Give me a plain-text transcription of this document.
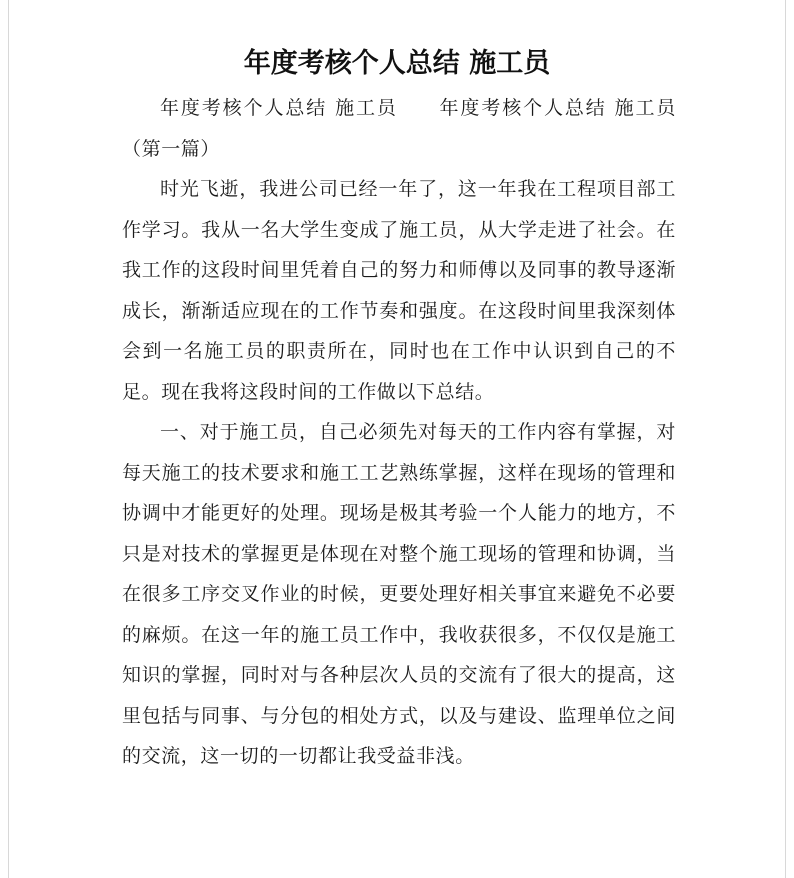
年度考核个人总结 施工员

年度考核个人总结 施工员　　年度考核个人总结 施工员 （第一篇）

时光飞逝，我进公司已经一年了，这一年我在工程项目部工作学习。我从一名大学生变成了施工员，从大学走进了社会。在我工作的这段时间里凭着自己的努力和师傅以及同事的教导逐渐成长，渐渐适应现在的工作节奏和强度。在这段时间里我深刻体会到一名施工员的职责所在，同时也在工作中认识到自己的不足。现在我将这段时间的工作做以下总结。

一、对于施工员，自己必须先对每天的工作内容有掌握，对每天施工的技术要求和施工工艺熟练掌握，这样在现场的管理和协调中才能更好的处理。现场是极其考验一个人能力的地方，不只是对技术的掌握更是体现在对整个施工现场的管理和协调，当在很多工序交叉作业的时候，更要处理好相关事宜来避免不必要的麻烦。在这一年的施工员工作中，我收获很多，不仅仅是施工知识的掌握，同时对与各种层次人员的交流有了很大的提高，这里包括与同事、与分包的相处方式，以及与建设、监理单位之间的交流，这一切的一切都让我受益非浅。
